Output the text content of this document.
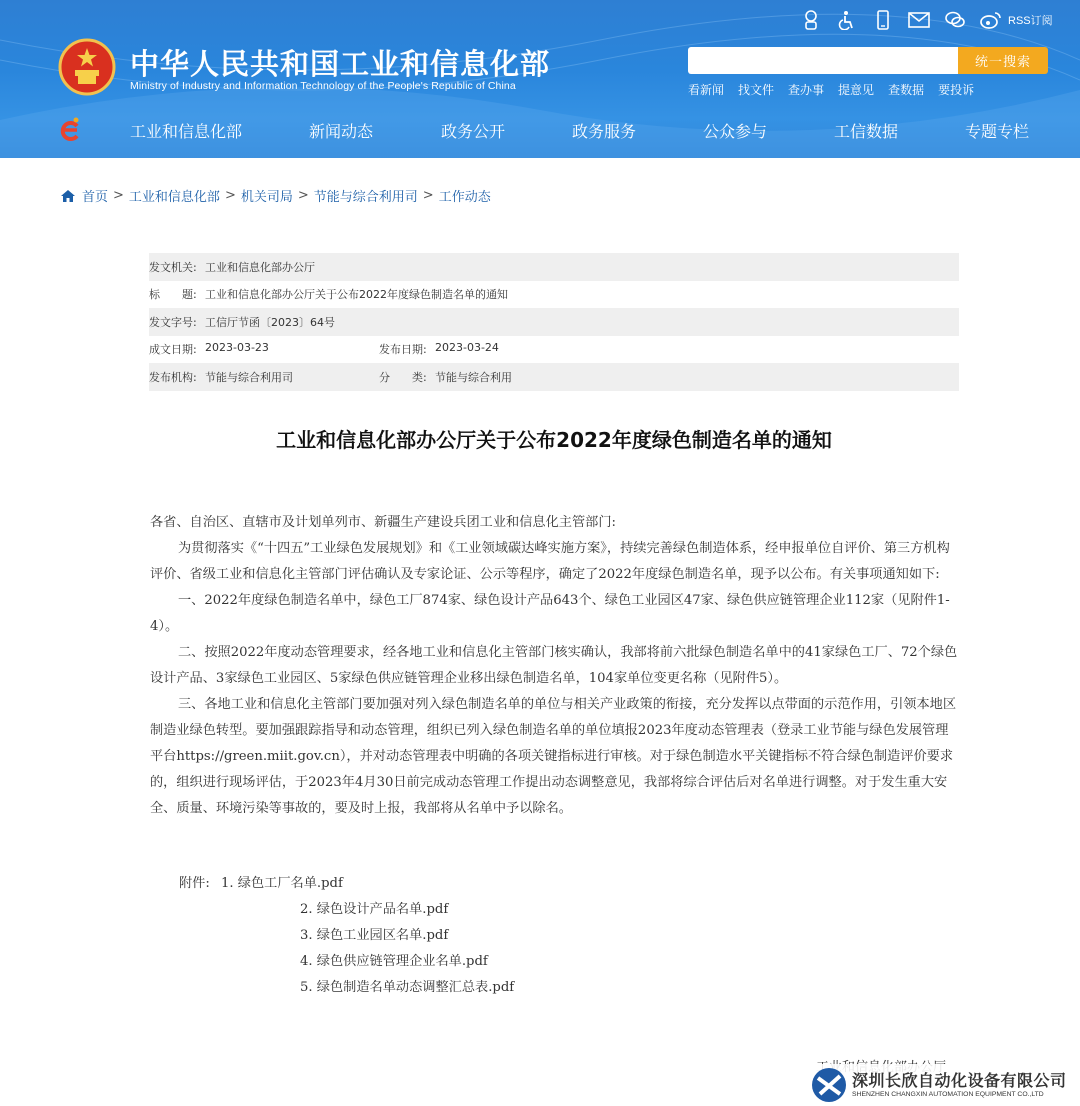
中华人民共和国工业和信息化部
Ministry of Industry and Information Technology of the People's Republic of China
RSS订阅
统一搜索
看新闻 找文件 查办事 提意见 查数据 要投诉
工业和信息化部	新闻动态	政务公开	政务服务	公众参与	工信数据	专题专栏
首页 > 工业和信息化部 > 机关司局 > 节能与综合利用司 > 工作动态
发文机关: 工业和信息化部办公厅
标　　题: 工业和信息化部办公厅关于公布2022年度绿色制造名单的通知
发文字号: 工信厅节函〔2023〕64号
成文日期: 2023-03-23	发布日期: 2023-03-24
发布机构: 节能与综合利用司	分　　类: 节能与综合利用
工业和信息化部办公厅关于公布2022年度绿色制造名单的通知

各省、自治区、直辖市及计划单列市、新疆生产建设兵团工业和信息化主管部门:

为贯彻落实《“十四五”工业绿色发展规划》和《工业领域碳达峰实施方案》，持续完善绿色制造体系，经申报单位自评价、第三方机构评价、省级工业和信息化主管部门评估确认及专家论证、公示等程序，确定了2022年度绿色制造名单，现予以公布。有关事项通知如下:

一、2022年度绿色制造名单中，绿色工厂874家、绿色设计产品643个、绿色工业园区47家、绿色供应链管理企业112家（见附件1-4）。

二、按照2022年度动态管理要求，经各地工业和信息化主管部门核实确认，我部将前六批绿色制造名单中的41家绿色工厂、72个绿色设计产品、3家绿色工业园区、5家绿色供应链管理企业移出绿色制造名单，104家单位变更名称（见附件5）。

三、各地工业和信息化主管部门要加强对列入绿色制造名单的单位与相关产业政策的衔接，充分发挥以点带面的示范作用，引领本地区制造业绿色转型。要加强跟踪指导和动态管理，组织已列入绿色制造名单的单位填报2023年度动态管理表（登录工业节能与绿色发展管理平台https://green.miit.gov.cn），并对动态管理表中明确的各项关键指标进行审核。对于绿色制造水平关键指标不符合绿色制造评价要求的，组织进行现场评估，于2023年4月30日前完成动态管理工作提出动态调整意见，我部将综合评估后对名单进行调整。对于发生重大安全、质量、环境污染等事故的，要及时上报，我部将从名单中予以除名。

附件: 1. 绿色工厂名单.pdf
2. 绿色设计产品名单.pdf
3. 绿色工业园区名单.pdf
4. 绿色供应链管理企业名单.pdf
5. 绿色制造名单动态调整汇总表.pdf
深圳长欣自动化设备有限公司
SHENZHEN CHANGXIN AUTOMATION EQUIPMENT CO.,LTD
